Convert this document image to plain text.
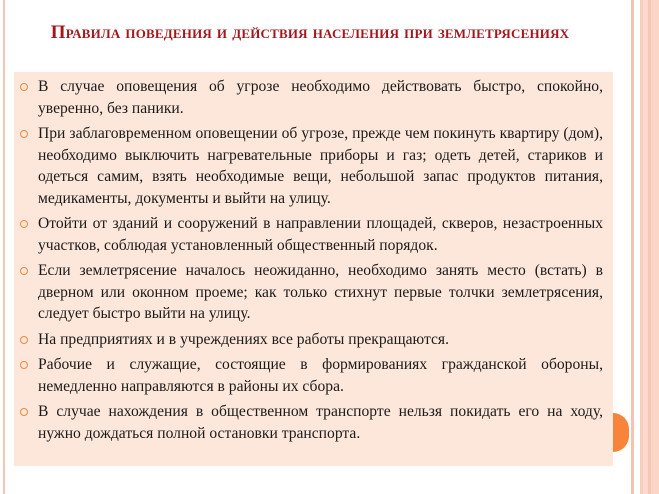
Правила поведения и действия населения при землетрясениях
В случае оповещения об угрозе необходимо действовать быстро, спокойно, уверенно, без паники.
При заблаговременном оповещении об угрозе, прежде чем покинуть квартиру (дом), необходимо выключить нагревательные приборы и газ; одеть детей, стариков и одеться самим, взять необходимые вещи, небольшой запас продуктов питания, медикаменты, документы и выйти на улицу.
Отойти от зданий и сооружений в направлении площадей, скверов, незастроенных участков, соблюдая установленный общественный порядок.
Если землетрясение началось неожиданно, необходимо занять место (встать) в дверном или оконном проеме; как только стихнут первые толчки землетрясения, следует быстро выйти на улицу.
На предприятиях и в учреждениях все работы прекращаются.
Рабочие и служащие, состоящие в формированиях гражданской обороны, немедленно направляются в районы их сбора.
В случае нахождения в общественном транспорте нельзя покидать его на ходу, нужно дождаться полной остановки транспорта.
